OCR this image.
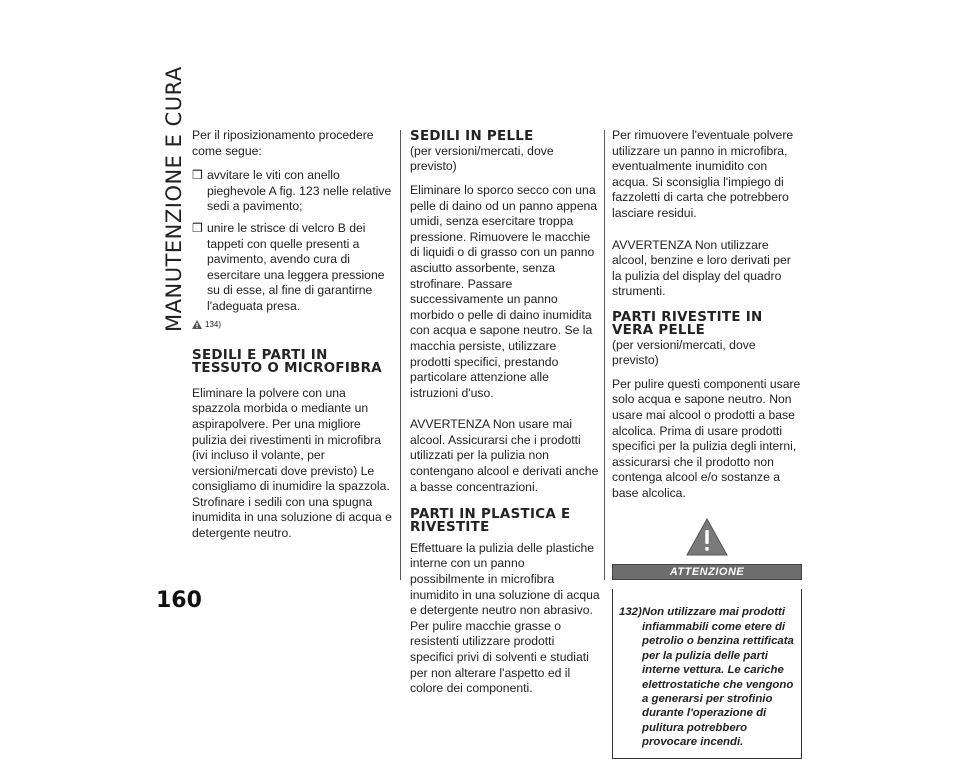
MANUTENZIONE E CURA
160

Per il riposizionamento procedere come segue:

❒ avvitare le viti con anello pieghevole A fig. 123 nelle relative sedi a pavimento;
❒ unire le strisce di velcro B dei tappeti con quelle presenti a pavimento, avendo cura di esercitare una leggera pressione su di esse, al fine di garantirne l'adeguata presa.
134)
SEDILI E PARTI IN TESSUTO O MICROFIBRA

Eliminare la polvere con una spazzola morbida o mediante un aspirapolvere. Per una migliore pulizia dei rivestimenti in microfibra (ivi incluso il volante, per versioni/mercati dove previsto) Le consigliamo di inumidire la spazzola. Strofinare i sedili con una spugna inumidita in una soluzione di acqua e detergente neutro.

SEDILI IN PELLE

(per versioni/mercati, dove previsto)

Eliminare lo sporco secco con una pelle di daino od un panno appena umidi, senza esercitare troppa pressione. Rimuovere le macchie di liquidi o di grasso con un panno asciutto assorbente, senza strofinare. Passare successivamente un panno morbido o pelle di daino inumidita con acqua e sapone neutro. Se la macchia persiste, utilizzare prodotti specifici, prestando particolare attenzione alle istruzioni d'uso.

AVVERTENZA Non usare mai alcool. Assicurarsi che i prodotti utilizzati per la pulizia non contengano alcool e derivati anche a basse concentrazioni.

PARTI IN PLASTICA E RIVESTITE

Effettuare la pulizia delle plastiche interne con un panno possibilmente in microfibra inumidito in una soluzione di acqua e detergente neutro non abrasivo. Per pulire macchie grasse o resistenti utilizzare prodotti specifici privi di solventi e studiati per non alterare l'aspetto ed il colore dei componenti.

Per rimuovere l'eventuale polvere utilizzare un panno in microfibra, eventualmente inumidito con acqua. Si sconsiglia l'impiego di fazzoletti di carta che potrebbero lasciare residui.

AVVERTENZA Non utilizzare alcool, benzine e loro derivati per la pulizia del display del quadro strumenti.

PARTI RIVESTITE IN VERA PELLE

(per versioni/mercati, dove previsto)

Per pulire questi componenti usare solo acqua e sapone neutro. Non usare mai alcool o prodotti a base alcolica. Prima di usare prodotti specifici per la pulizia degli interni, assicurarsi che il prodotto non contenga alcool e/o sostanze a base alcolica.

ATTENZIONE
132) Non utilizzare mai prodotti infiammabili come etere di petrolio o benzina rettificata per la pulizia delle parti interne vettura. Le cariche elettrostatiche che vengono a generarsi per strofinio durante l'operazione di pulitura potrebbero provocare incendi.
